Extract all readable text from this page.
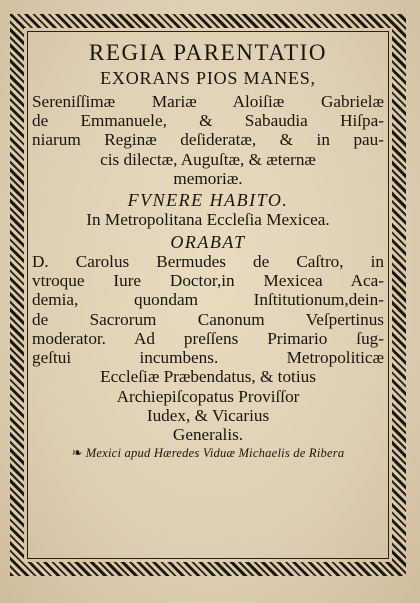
REGIA PARENTATIO
EXORANS PIOS MANES,
Sereniſſimæ Mariæ Aloiſiæ Gabrielæ
de Emmanuele, & Sabaudia Hiſpa-
niarum Reginæ deſideratæ, & in pau-
cis dilectæ, Auguſtæ, & æternæ
memoriæ.
FVNERE HABITO.
In Metropolitana Eccleſia Mexicea.
ORABAT
D. Carolus Bermudes de Caſtro, in
vtroque Iure Doctor,in Mexicea Aca-
demia, quondam Inſtitutionum,dein-
de Sacrorum Canonum Veſpertinus
moderator. Ad preſſens Primario ſug-
geſtui incumbens. Metropoliticæ
Eccleſiæ Præbendatus, & totius
Archiepiſcopatus Proviſſor
Iudex, & Vicarius
Generalis.
❧ Mexici apud Hæredes Viduæ Michaelis de Ribera
